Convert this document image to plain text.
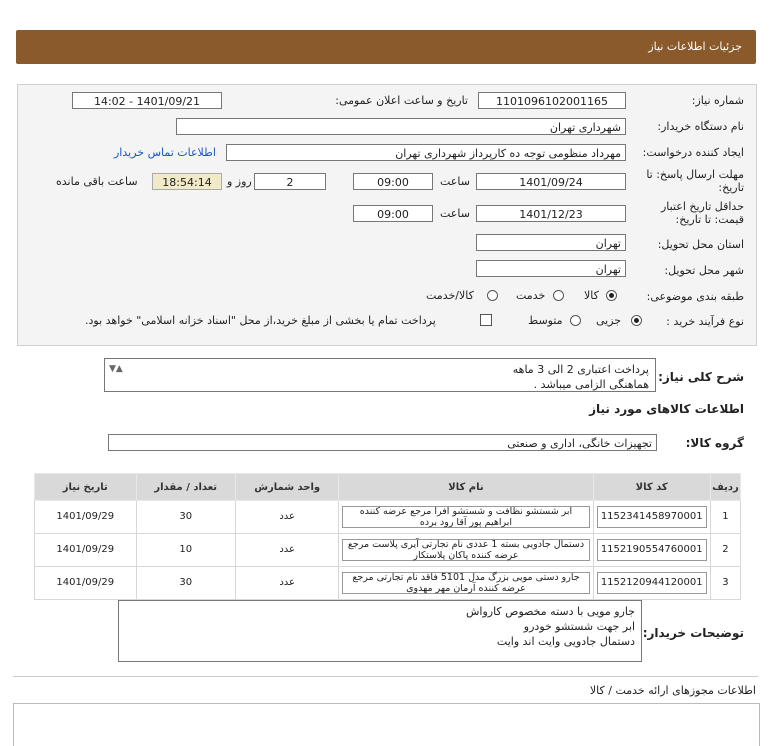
جزئیات اطلاعات نیاز
شماره نیاز:
1101096102001165
تاریخ و ساعت اعلان عمومی:
1401/09/21 - 14:02
نام دستگاه خریدار:
شهرداری تهران
ایجاد کننده درخواست:
مهرداد منظومی توجه ده کارپرداز شهرداری تهران
اطلاعات تماس خریدار
مهلت ارسال پاسخ: تا
تاریخ:
1401/09/24
ساعت
09:00
2
روز و
18:54:14
ساعت باقی مانده
حداقل تاریخ اعتبار
قیمت: تا تاریخ:
1401/12/23
ساعت
09:00
استان محل تحویل:
تهران
شهر محل تحویل:
تهران
طبقه بندی موضوعی:
کالا
خدمت
کالا/خدمت
نوع فرآیند خرید :
جزیی
متوسط
پرداخت تمام یا بخشی از مبلغ خرید،از محل "اسناد خزانه اسلامی" خواهد بود.
شرح کلی نیاز:
پرداخت اعتباری 2 الی 3 ماهه
هماهنگی الزامی میباشد .
▲▼
اطلاعات کالاهای مورد نیاز
گروه کالا:
تجهیزات خانگی، اداری و صنعتی
ردیف	کد کالا	نام کالا	واحد شمارش	تعداد / مقدار	تاریخ نیاز
1	1152341458970001	ابر شستشو نظافت و شستشو افرا مرجع عرضه کننده ابراهیم پور آقا رود برده	عدد	30	1401/09/29
2	1152190554760001	دستمال جادویی بسته 1 عددی نام تجارتی آیری پلاست مرجع عرضه کننده پاکان پلاستکار	عدد	10	1401/09/29
3	1152120944120001	جارو دستی مویی بزرگ مدل 5101 فاقد نام تجارتی مرجع عرضه کننده آرمان مهر مهدوی	عدد	30	1401/09/29
توضیحات خریدار:
جارو مویی با دسته مخصوص کارواش
ابر جهت شستشو خودرو
دستمال جادویی وایت اند وایت
اطلاعات مجوزهای ارائه خدمت / کالا
